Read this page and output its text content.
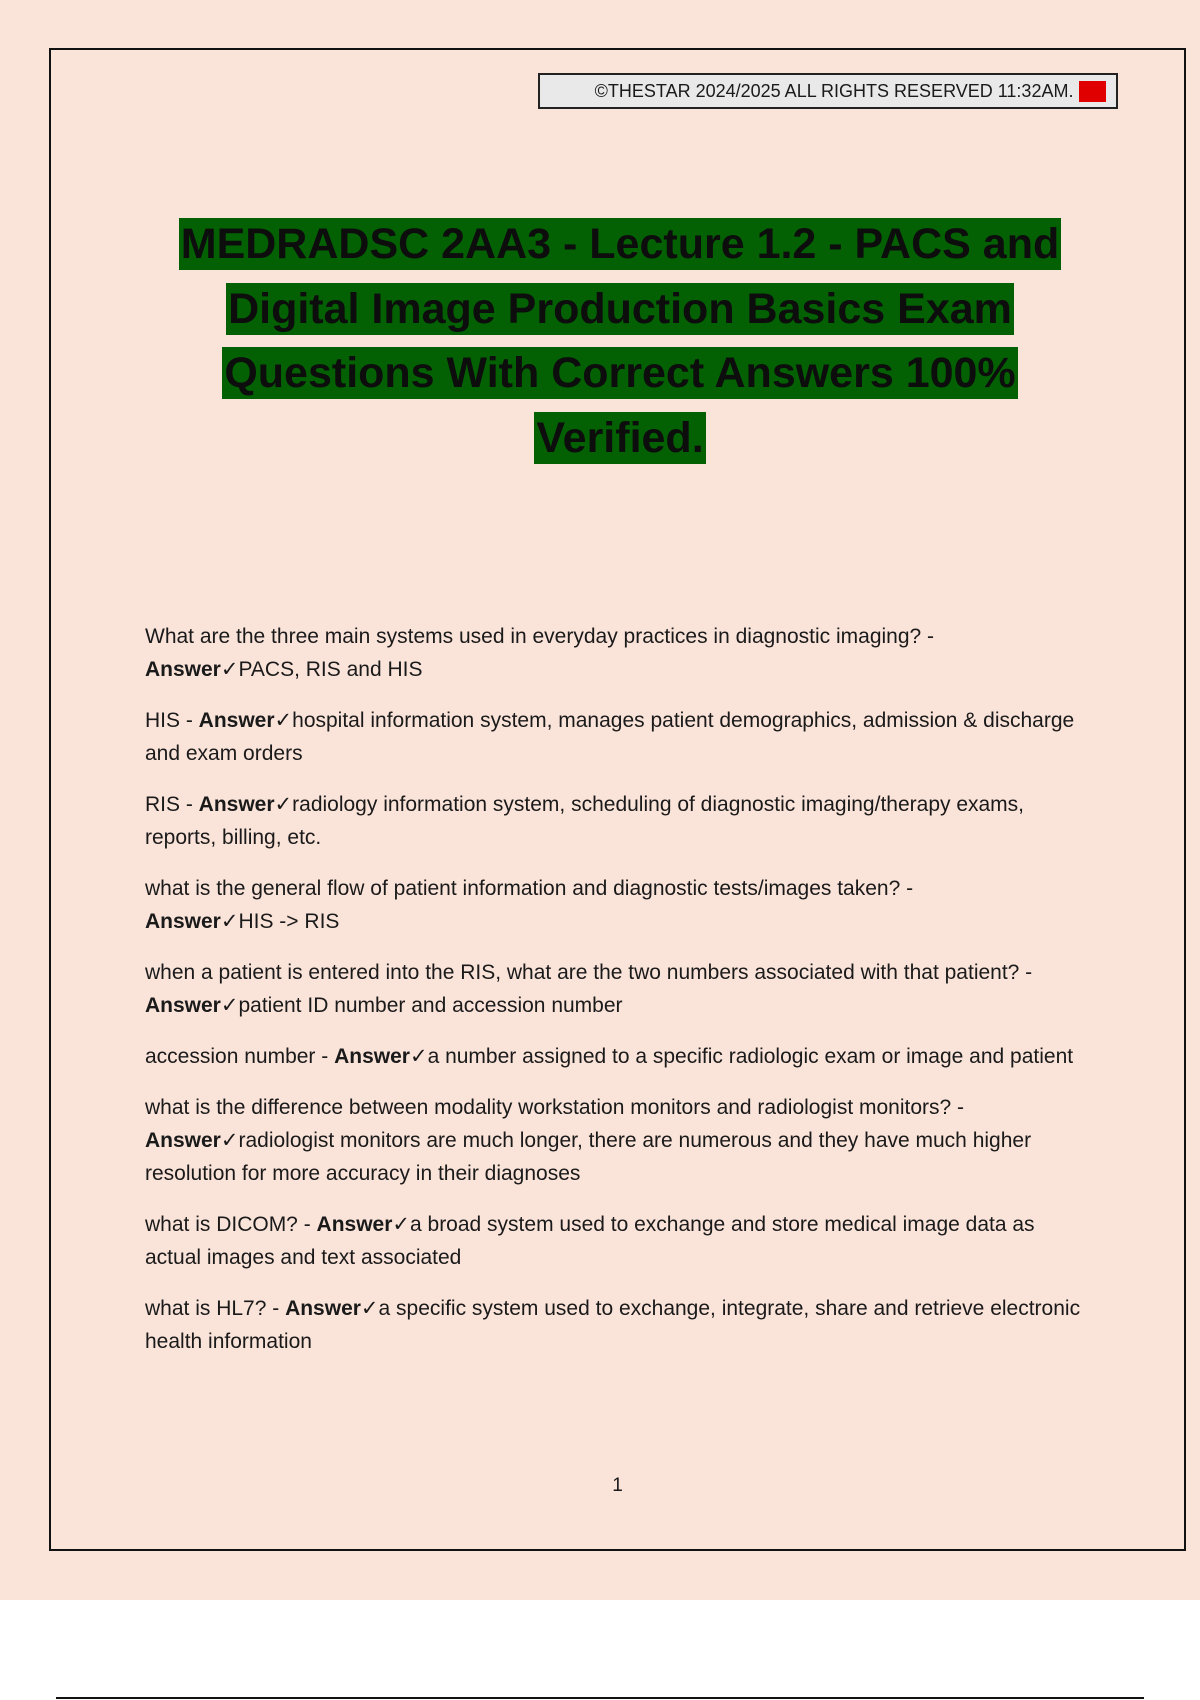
©THESTAR 2024/2025 ALL RIGHTS RESERVED 11:32AM. A+
MEDRADSC 2AA3 - Lecture 1.2 - PACS and
Digital Image Production Basics Exam
Questions With Correct Answers 100%
Verified.

What are the three main systems used in everyday practices in diagnostic imaging? -
Answer✓PACS, RIS and HIS

HIS - Answer✓hospital information system, manages patient demographics, admission & discharge and exam orders

RIS - Answer✓radiology information system, scheduling of diagnostic imaging/therapy exams, reports, billing, etc.

what is the general flow of patient information and diagnostic tests/images taken? -
Answer✓HIS -> RIS

when a patient is entered into the RIS, what are the two numbers associated with that patient? - Answer✓patient ID number and accession number

accession number - Answer✓a number assigned to a specific radiologic exam or image and patient

what is the difference between modality workstation monitors and radiologist monitors? -
Answer✓radiologist monitors are much longer, there are numerous and they have much higher resolution for more accuracy in their diagnoses

what is DICOM? - Answer✓a broad system used to exchange and store medical image data as actual images and text associated

what is HL7? - Answer✓a specific system used to exchange, integrate, share and retrieve electronic health information

1
